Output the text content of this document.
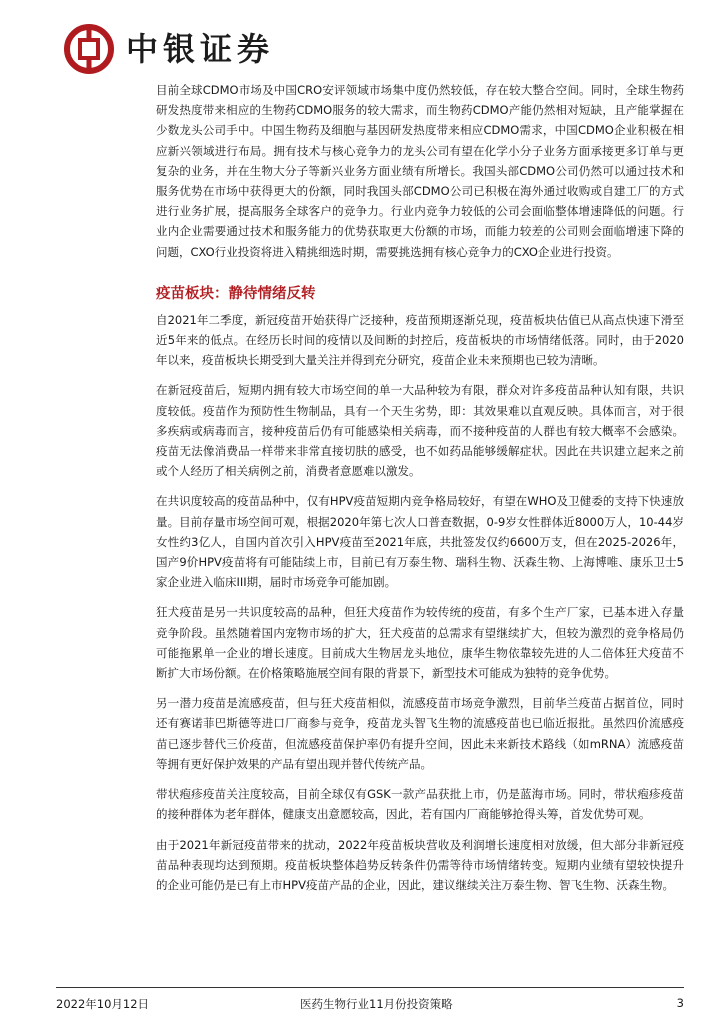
中银证券

目前全球CDMO市场及中国CRO安评领域市场集中度仍然较低，存在较大整合空间。同时，全球生物药研发热度带来相应的生物药CDMO服务的较大需求，而生物药CDMO产能仍然相对短缺，且产能掌握在少数龙头公司手中。中国生物药及细胞与基因研发热度带来相应CDMO需求，中国CDMO企业积极在相应新兴领域进行布局。拥有技术与核心竞争力的龙头公司有望在化学小分子业务方面承接更多订单与更复杂的业务，并在生物大分子等新兴业务方面业绩有所增长。我国头部CDMO公司仍然可以通过技术和服务优势在市场中获得更大的份额，同时我国头部CDMO公司已积极在海外通过收购或自建工厂的方式进行业务扩展，提高服务全球客户的竞争力。行业内竞争力较低的公司会面临整体增速降低的问题。行业内企业需要通过技术和服务能力的优势获取更大份额的市场，而能力较差的公司则会面临增速下降的问题，CXO行业投资将进入精挑细选时期，需要挑选拥有核心竞争力的CXO企业进行投资。

疫苗板块：静待情绪反转

自2021年二季度，新冠疫苗开始获得广泛接种，疫苗预期逐渐兑现，疫苗板块估值已从高点快速下滑至近5年来的低点。在经历长时间的疫情以及间断的封控后，疫苗板块的市场情绪低落。同时，由于2020年以来，疫苗板块长期受到大量关注并得到充分研究，疫苗企业未来预期也已较为清晰。

在新冠疫苗后，短期内拥有较大市场空间的单一大品种较为有限，群众对许多疫苗品种认知有限，共识度较低。疫苗作为预防性生物制品，具有一个天生劣势，即：其效果难以直观反映。具体而言，对于很多疾病或病毒而言，接种疫苗后仍有可能感染相关病毒，而不接种疫苗的人群也有较大概率不会感染。疫苗无法像消费品一样带来非常直接切肤的感受，也不如药品能够缓解症状。因此在共识建立起来之前或个人经历了相关病例之前，消费者意愿难以激发。

在共识度较高的疫苗品种中，仅有HPV疫苗短期内竞争格局较好，有望在WHO及卫健委的支持下快速放量。目前存量市场空间可观，根据2020年第七次人口普查数据，0-9岁女性群体近8000万人，10-44岁女性约3亿人，自国内首次引入HPV疫苗至2021年底，共批签发仅约6600万支，但在2025-2026年，国产9价HPV疫苗将有可能陆续上市，目前已有万泰生物、瑞科生物、沃森生物、上海博唯、康乐卫士5家企业进入临床III期，届时市场竞争可能加剧。

狂犬疫苗是另一共识度较高的品种，但狂犬疫苗作为较传统的疫苗，有多个生产厂家，已基本进入存量竞争阶段。虽然随着国内宠物市场的扩大，狂犬疫苗的总需求有望继续扩大，但较为激烈的竞争格局仍可能拖累单一企业的增长速度。目前成大生物居龙头地位，康华生物依靠较先进的人二倍体狂犬疫苗不断扩大市场份额。在价格策略施展空间有限的背景下，新型技术可能成为独特的竞争优势。

另一潜力疫苗是流感疫苗，但与狂犬疫苗相似，流感疫苗市场竞争激烈，目前华兰疫苗占据首位，同时还有赛诺菲巴斯德等进口厂商参与竞争，疫苗龙头智飞生物的流感疫苗也已临近报批。虽然四价流感疫苗已逐步替代三价疫苗，但流感疫苗保护率仍有提升空间，因此未来新技术路线（如mRNA）流感疫苗等拥有更好保护效果的产品有望出现并替代传统产品。

带状疱疹疫苗关注度较高，目前全球仅有GSK一款产品获批上市，仍是蓝海市场。同时，带状疱疹疫苗的接种群体为老年群体，健康支出意愿较高，因此，若有国内厂商能够抢得头筹，首发优势可观。

由于2021年新冠疫苗带来的扰动，2022年疫苗板块营收及利润增长速度相对放缓，但大部分非新冠疫苗品种表现均达到预期。疫苗板块整体趋势反转条件仍需等待市场情绪转变。短期内业绩有望较快提升的企业可能仍是已有上市HPV疫苗产品的企业，因此，建议继续关注万泰生物、智飞生物、沃森生物。

2022年10月12日	医药生物行业11月份投资策略	3
